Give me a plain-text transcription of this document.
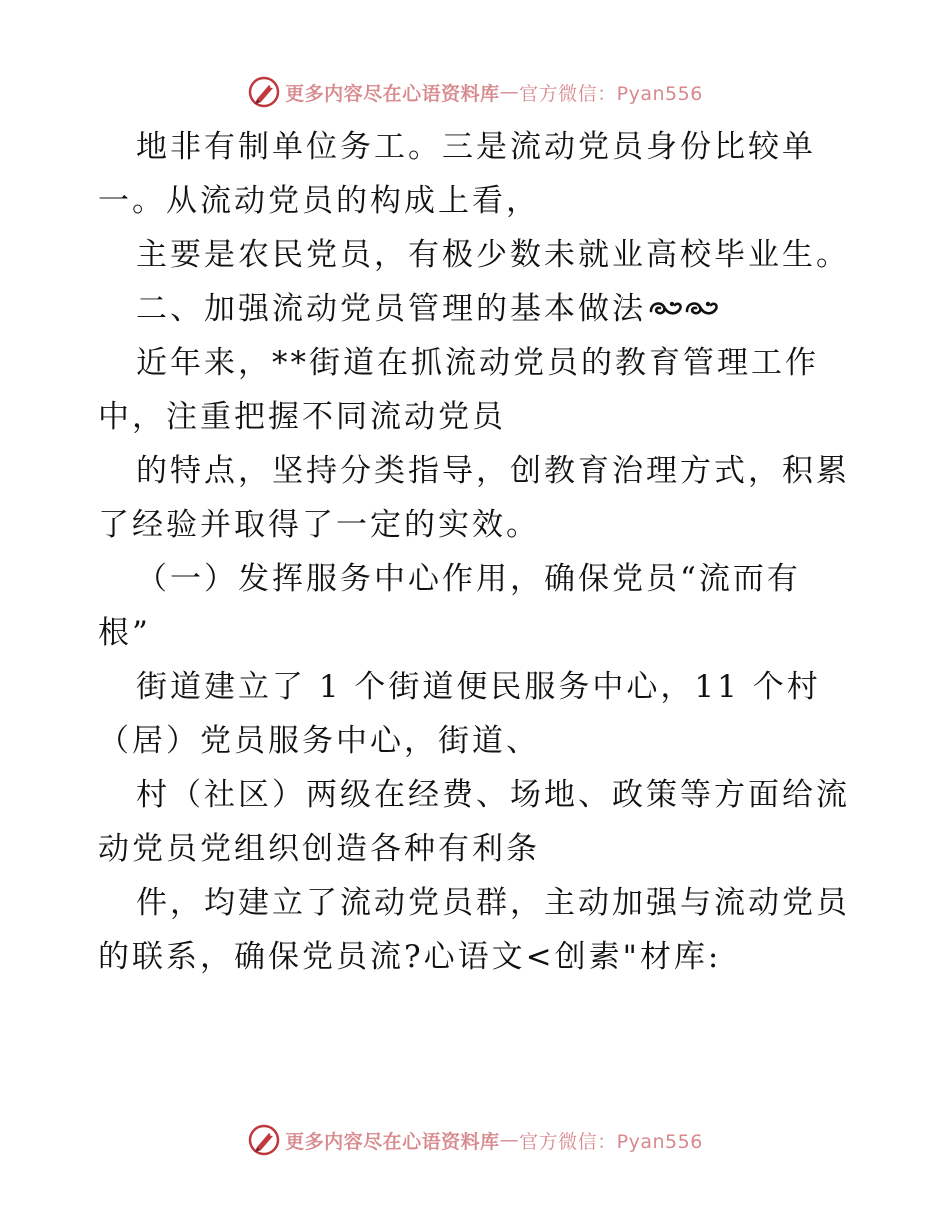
更多内容尽在心语资料库 — 官方微信：Pyan556
地非有制单位务工。三是流动党员身份比较单
一。从流动党员的构成上看，
主要是农民党员，有极少数未就业高校毕业生。
二、加强流动党员管理的基本做法
近年来，**街道在抓流动党员的教育管理工作
中，注重把握不同流动党员
的特点，坚持分类指导，创教育治理方式，积累
了经验并取得了一定的实效。
（一）发挥服务中心作用，确保党员“流而有
根”
街道建立了 1 个街道便民服务中心，11 个村
（居）党员服务中心，街道、
村（社区）两级在经费、场地、政策等方面给流
动党员党组织创造各种有利条
件，均建立了流动党员群，主动加强与流动党员
的联系，确保党员流?心语文<创素"材库:
更多内容尽在心语资料库 — 官方微信：Pyan556
